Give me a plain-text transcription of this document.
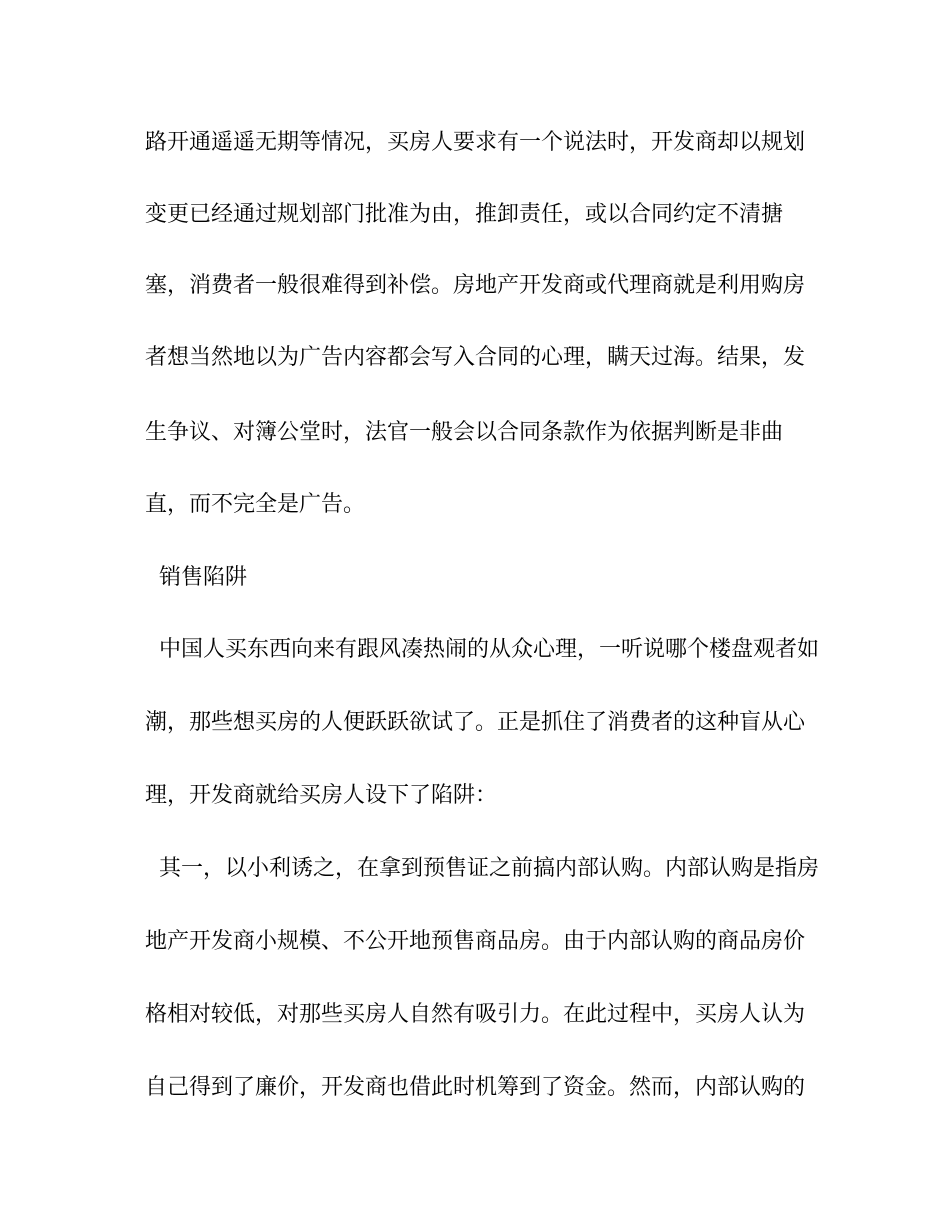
路开通遥遥无期等情况，买房人要求有一个说法时，开发商却以规划
变更已经通过规划部门批准为由，推卸责任，或以合同约定不清搪
塞，消费者一般很难得到补偿。房地产开发商或代理商就是利用购房
者想当然地以为广告内容都会写入合同的心理，瞒天过海。结果，发
生争议、对簿公堂时，法官一般会以合同条款作为依据判断是非曲
直，而不完全是广告。
销售陷阱
中国人买东西向来有跟风凑热闹的从众心理，一听说哪个楼盘观者如
潮，那些想买房的人便跃跃欲试了。正是抓住了消费者的这种盲从心
理，开发商就给买房人设下了陷阱：
其一，以小利诱之，在拿到预售证之前搞内部认购。内部认购是指房
地产开发商小规模、不公开地预售商品房。由于内部认购的商品房价
格相对较低，对那些买房人自然有吸引力。在此过程中，买房人认为
自己得到了廉价，开发商也借此时机筹到了资金。然而，内部认购的
